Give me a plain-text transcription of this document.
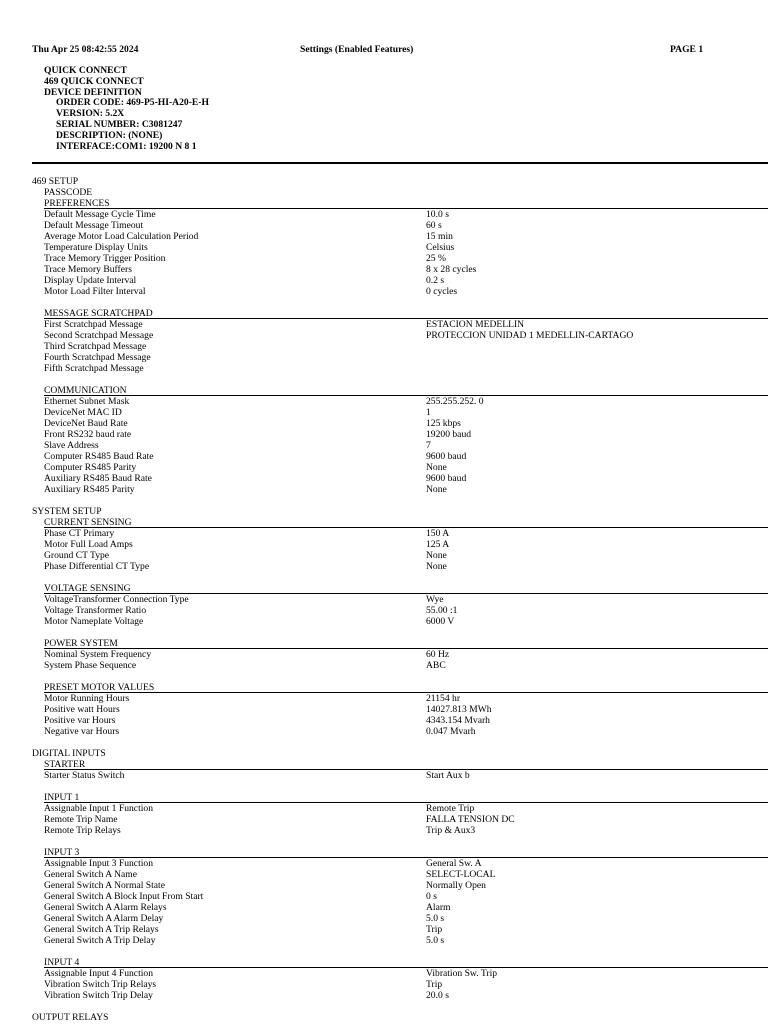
Thu Apr 25 08:42:55 2024	Settings (Enabled Features)	PAGE 1
QUICK CONNECT
469 QUICK CONNECT
DEVICE DEFINITION
ORDER CODE: 469-P5-HI-A20-E-H
VERSION: 5.2X
SERIAL NUMBER: C3081247
DESCRIPTION: (NONE)
INTERFACE:COM1: 19200 N 8 1
469 SETUP
PASSCODE
PREFERENCES
Default Message Cycle Time	10.0 s
Default Message Timeout	60 s
Average Motor Load Calculation Period	15 min
Temperature Display Units	Celsius
Trace Memory Trigger Position	25 %
Trace Memory Buffers	8 x 28 cycles
Display Update Interval	0.2 s
Motor Load Filter Interval	0 cycles
MESSAGE SCRATCHPAD
First Scratchpad Message	ESTACION MEDELLIN
Second Scratchpad Message	PROTECCION UNIDAD 1 MEDELLIN-CARTAGO
Third Scratchpad Message
Fourth Scratchpad Message
Fifth Scratchpad Message
COMMUNICATION
Ethernet Subnet Mask	255.255.252. 0
DeviceNet MAC ID	1
DeviceNet Baud Rate	125 kbps
Front RS232 baud rate	19200 baud
Slave Address	7
Computer RS485 Baud Rate	9600 baud
Computer RS485 Parity	None
Auxiliary RS485 Baud Rate	9600 baud
Auxiliary RS485 Parity	None
SYSTEM SETUP
CURRENT SENSING
Phase CT Primary	150 A
Motor Full Load Amps	125 A
Ground CT Type	None
Phase Differential CT Type	None
VOLTAGE SENSING
VoltageTransformer Connection Type	Wye
Voltage Transformer Ratio	55.00 :1
Motor Nameplate Voltage	6000 V
POWER SYSTEM
Nominal System Frequency	60 Hz
System Phase Sequence	ABC
PRESET MOTOR VALUES
Motor Running Hours	21154 hr
Positive watt Hours	14027.813 MWh
Positive var Hours	4343.154 Mvarh
Negative var Hours	0.047 Mvarh
DIGITAL INPUTS
STARTER
Starter Status Switch	Start Aux b
INPUT 1
Assignable Input 1 Function	Remote Trip
Remote Trip Name	FALLA TENSION DC
Remote Trip Relays	Trip & Aux3
INPUT 3
Assignable Input 3 Function	General Sw. A
General Switch A Name	SELECT-LOCAL
General Switch A Normal State	Normally Open
General Switch A Block Input From Start	0 s
General Switch A Alarm Relays	Alarm
General Switch A Alarm Delay	5.0 s
General Switch A Trip Relays	Trip
General Switch A Trip Delay	5.0 s
INPUT 4
Assignable Input 4 Function	Vibration Sw. Trip
Vibration Switch Trip Relays	Trip
Vibration Switch Trip Delay	20.0 s
OUTPUT RELAYS
